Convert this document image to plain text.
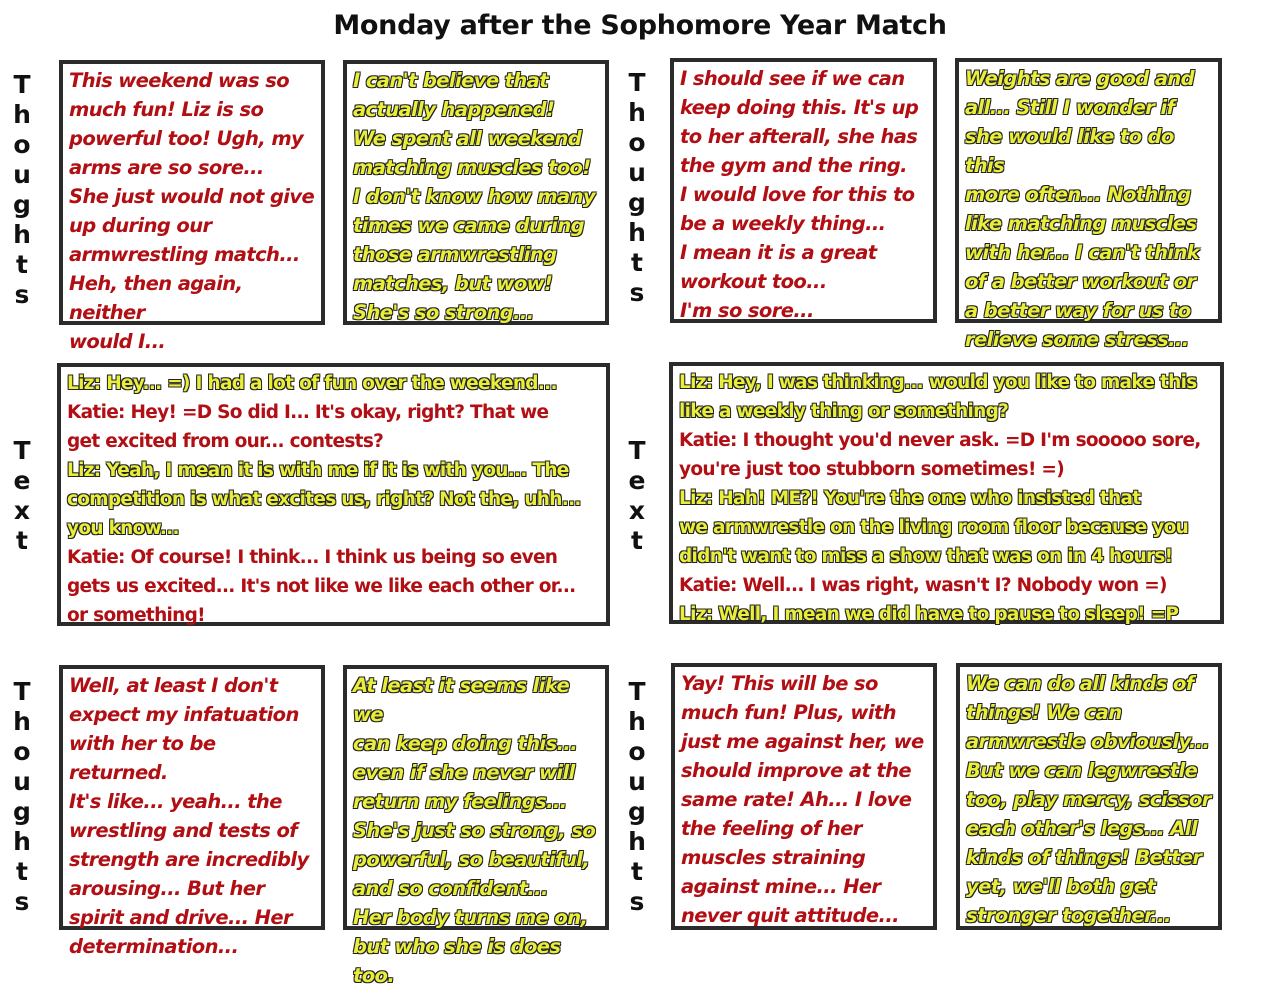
Monday after the Sophomore Year Match
T
h
o
u
g
h
t
s
T
h
o
u
g
h
t
s
T
e
x
t
T
e
x
t
T
h
o
u
g
h
t
s
T
h
o
u
g
h
t
s

This weekend was so
much fun! Liz is so
powerful too! Ugh, my
arms are so sore...
She just would not give
up during our
armwrestling match...
Heh, then again, neither
would I...

I can't believe that
actually happened!
We spent all weekend
matching muscles too!
I don't know how many
times we came during
those armwrestling
matches, but wow!
She's so strong...

Liz: Hey... =) I had a lot of fun over the weekend...
Katie: Hey! =D So did I... It's okay, right? That we
get excited from our... contests?
Liz: Yeah, I mean it is with me if it is with you... The
competition is what excites us, right? Not the, uhh...
you know...
Katie: Of course! I think... I think us being so even
gets us excited... It's not like we like each other or...
or something!

Well, at least I don't
expect my infatuation
with her to be returned.
It's like... yeah... the
wrestling and tests of
strength are incredibly
arousing... But her
spirit and drive... Her
determination...

At least it seems like we
can keep doing this...
even if she never will
return my feelings...
She's just so strong, so
powerful, so beautiful,
and so confident...
Her body turns me on,
but who she is does too.

I should see if we can
keep doing this. It's up
to her afterall, she has
the gym and the ring.
I would love for this to
be a weekly thing...
I mean it is a great
workout too...
I'm so sore...

Weights are good and
all... Still I wonder if
she would like to do this
more often... Nothing
like matching muscles
with her... I can't think
of a better workout or
a better way for us to
relieve some stress...

Liz: Hey, I was thinking... would you like to make this
like a weekly thing or something?
Katie: I thought you'd never ask. =D I'm sooooo sore,
you're just too stubborn sometimes! =)
Liz: Hah! ME?! You're the one who insisted that
we armwrestle on the living room floor because you
didn't want to miss a show that was on in 4 hours!
Katie: Well... I was right, wasn't I? Nobody won =)
Liz: Well, I mean we did have to pause to sleep! =P

Yay! This will be so
much fun! Plus, with
just me against her, we
should improve at the
same rate! Ah... I love
the feeling of her
muscles straining
against mine... Her
never quit attitude...

We can do all kinds of
things! We can
armwrestle obviously...
But we can legwrestle
too, play mercy, scissor
each other's legs... All
kinds of things! Better
yet, we'll both get
stronger together...
